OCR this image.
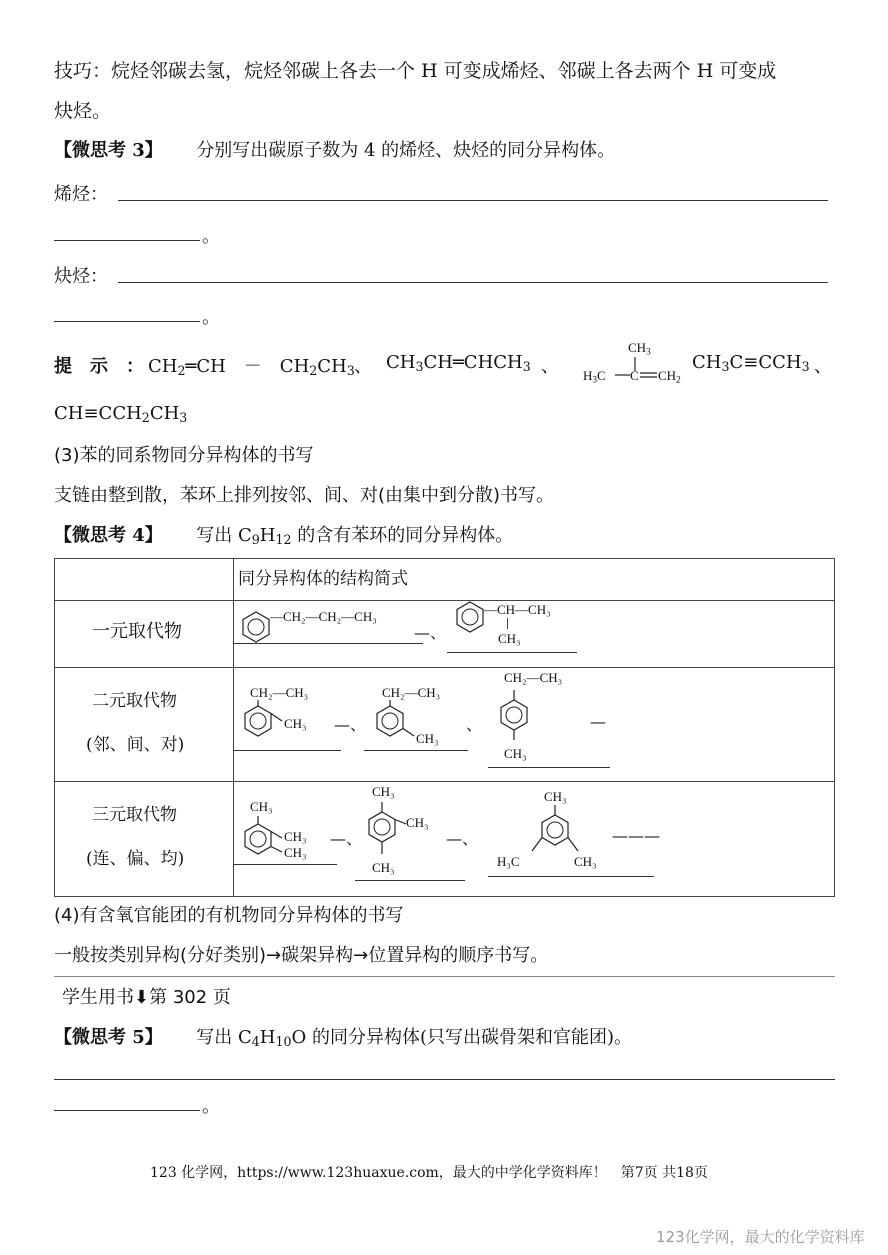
技巧：烷烃邻碳去氢，烷烃邻碳上各去一个 H 可变成烯烃、邻碳上各去两个 H 可变成
炔烃。
【微思考 3】 分别写出碳原子数为 4 的烯烃、炔烃的同分异构体。
烯烃：
。
炔烃：
。
提　示　： $CH_2═CH$　－　$CH_2CH_3$ 、 $CH_3CH═CHCH_3$ 、
$CH_3$
$H_3C$ C $CH_2$
$CH_3C\equiv CCH_3$ 、
$CH\equiv CCH_2CH_3$
(3)苯的同系物同分异构体的书写
支链由整到散，苯环上排列按邻、间、对(由集中到分散)书写。
【微思考 4】 写出 $C_9H_{12}$ 的含有苯环的同分异构体。
同分异构体的结构简式
一元取代物
二元取代物
(邻、间、对)
三元取代物
(连、偏、均)
—CH₂—CH₂—CH₃
—、
—CH—CH₃
CH₃
CH₂—CH₃
CH₃ —、
CH₂—CH₃
CH₃
、
CH₂—CH₃
CH₃
—
CH₃
CH₃
CH₃
—、
CH₃
CH₃
CH₃
—、
CH₃
H₃C	CH₃
———
(4)有含氧官能团的有机物同分异构体的书写
一般按类别异构(分好类别)→碳架异构→位置异构的顺序书写。
学生用书⬇第 302 页
【微思考 5】 写出 $C_4H_{10}O$ 的同分异构体(只写出碳骨架和官能团)。
。
123 化学网，https://www.123huaxue.com，最大的中学化学资料库！　第7页 共18页
123化学网，最大的化学资料库
